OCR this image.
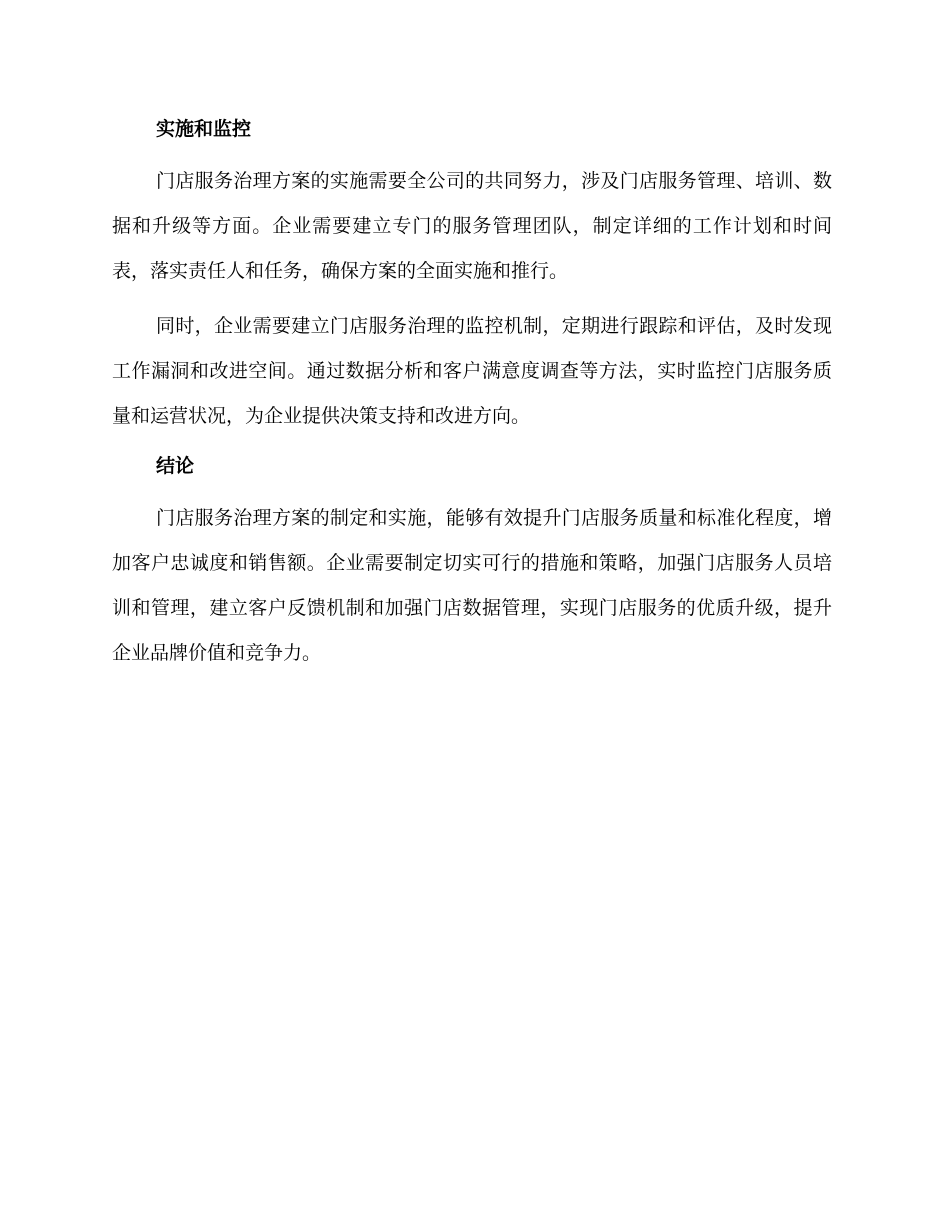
实施和监控

门店服务治理方案的实施需要全公司的共同努力，涉及门店服务管理、培训、数据和升级等方面。企业需要建立专门的服务管理团队，制定详细的工作计划和时间表，落实责任人和任务，确保方案的全面实施和推行。

同时，企业需要建立门店服务治理的监控机制，定期进行跟踪和评估，及时发现工作漏洞和改进空间。通过数据分析和客户满意度调查等方法，实时监控门店服务质量和运营状况，为企业提供决策支持和改进方向。

结论

门店服务治理方案的制定和实施，能够有效提升门店服务质量和标准化程度，增加客户忠诚度和销售额。企业需要制定切实可行的措施和策略，加强门店服务人员培训和管理，建立客户反馈机制和加强门店数据管理，实现门店服务的优质升级，提升企业品牌价值和竞争力。
